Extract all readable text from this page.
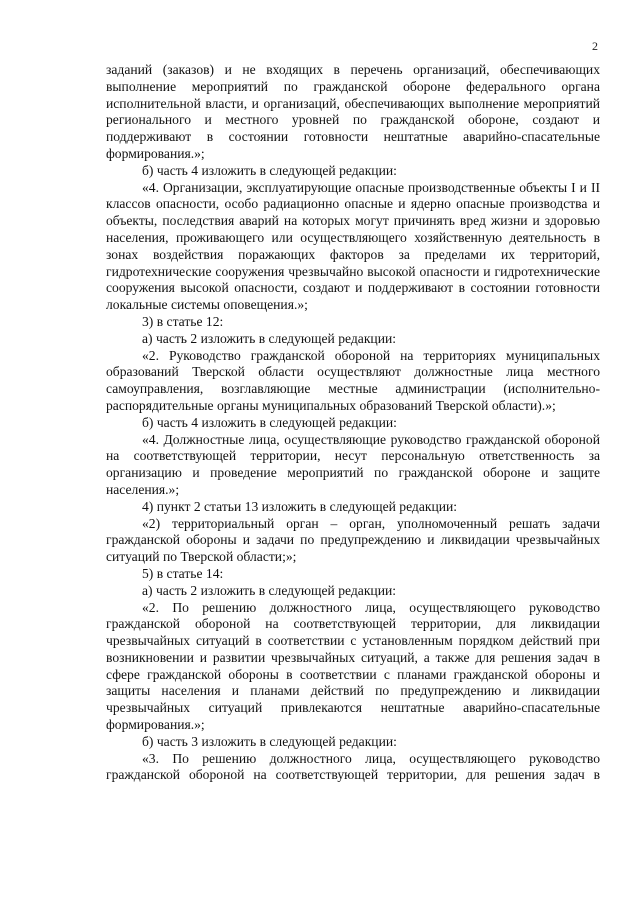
2

заданий (заказов) и не входящих в перечень организаций, обеспечивающих выполнение мероприятий по гражданской обороне федерального органа исполнительной власти, и организаций, обеспечивающих выполнение мероприятий регионального и местного уровней по гражданской обороне, создают и поддерживают в состоянии готовности нештатные аварийно-спасательные формирования.»;

б) часть 4 изложить в следующей редакции:

«4. Организации, эксплуатирующие опасные производственные объекты I и II классов опасности, особо радиационно опасные и ядерно опасные производства и объекты, последствия аварий на которых могут причинять вред жизни и здоровью населения, проживающего или осуществляющего хозяйственную деятельность в зонах воздействия поражающих факторов за пределами их территорий, гидротехнические сооружения чрезвычайно высокой опасности и гидротехнические сооружения высокой опасности, создают и поддерживают в состоянии готовности локальные системы оповещения.»;

3) в статье 12:

а) часть 2 изложить в следующей редакции:

«2. Руководство гражданской обороной на территориях муниципальных образований Тверской области осуществляют должностные лица местного самоуправления, возглавляющие местные администрации (исполнительно-распорядительные органы муниципальных образований Тверской области).»;

б) часть 4 изложить в следующей редакции:

«4. Должностные лица, осуществляющие руководство гражданской обороной на соответствующей территории, несут персональную ответственность за организацию и проведение мероприятий по гражданской обороне и защите населения.»;

4) пункт 2 статьи 13 изложить в следующей редакции:

«2) территориальный орган – орган, уполномоченный решать задачи гражданской обороны и задачи по предупреждению и ликвидации чрезвычайных ситуаций по Тверской области;»;

5) в статье 14:

а) часть 2 изложить в следующей редакции:

«2. По решению должностного лица, осуществляющего руководство гражданской обороной на соответствующей территории, для ликвидации чрезвычайных ситуаций в соответствии с установленным порядком действий при возникновении и развитии чрезвычайных ситуаций, а также для решения задач в сфере гражданской обороны в соответствии с планами гражданской обороны и защиты населения и планами действий по предупреждению и ликвидации чрезвычайных ситуаций привлекаются нештатные аварийно-спасательные формирования.»;

б) часть 3 изложить в следующей редакции:

«3. По решению должностного лица, осуществляющего руководство гражданской обороной на соответствующей территории, для решения задач в
